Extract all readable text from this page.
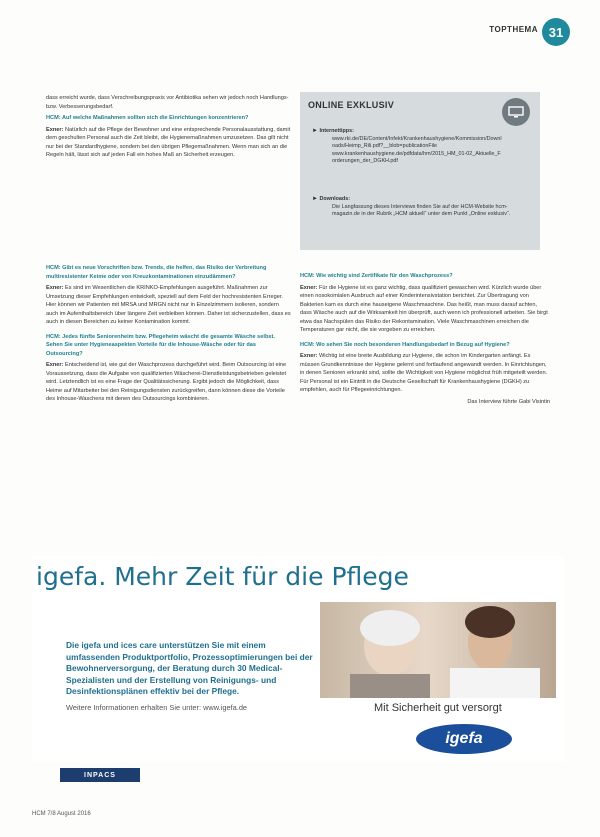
TOPTHEMA 31

dass erreicht wurde, dass Verschreibungspraxis vor Antibiotika sehen wir jedoch noch Handlungs- bzw. Verbesserungsbedarf.

HCM: Auf welche Maßnahmen sollten sich die Einrichtungen konzentrieren?

Exner: Natürlich auf die Pflege der Bewohner und eine entsprechende Personalausstattung, damit dem geschulten Personal auch die Zeit bleibt, die Hygienemaßnahmen umzusetzen. Das gilt nicht nur bei der Standardhygiene, sondern bei den übrigen Pflegemaßnahmen. Wenn man sich an die Regeln hält, lässt sich auf jeden Fall ein hohes Maß an Sicherheit erzeugen.

HCM: Gibt es neue Vorschriften bzw. Trends, die helfen, das Risiko der Verbreitung multiresistenter Keime oder von Kreuzkontaminationen einzudämmen?

Exner: Es sind im Wesentlichen die KRINKO-Empfehlungen ausgeführt. Maßnahmen zur Umsetzung dieser Empfehlungen entwickelt, speziell auf dem Feld der hochresistenten Erreger. Hier können wir Patienten mit MRSA und MRGN nicht nur in Einzelzimmern isolieren, sondern auch im Aufenthaltsbereich über längere Zeit verbleiben können. Daher ist sicherzustellen, dass es auch in diesen Bereichen zu keiner Kontamination kommt.

HCM: Jedes fünfte Seniorenheim bzw. Pflegeheim wäscht die gesamte Wäsche selbst. Sehen Sie unter Hygieneaspekten Vorteile für die Inhouse-Wäsche oder für das Outsourcing?

Exner: Entscheidend ist, wie gut der Waschprozess durchgeführt wird. Beim Outsourcing ist eine Voraussetzung, dass die Aufgabe von qualifizierten Wäscherei-Dienstleistungsbetrieben geleistet wird. Letztendlich ist es eine Frage der Qualitätssicherung. Ergibt jedoch die Möglichkeit, dass Heime auf Mitarbeiter bei den Reinigungsdiensten zurückgreifen, dann können diese die Vorteile des Inhouse-Waschens mit denen des Outsourcings kombinieren.

ONLINE EXKLUSIV
► Internettipps:
www.rki.de/DE/Content/Infekt/Krankenhaushygiene/Kommission/Downloads/Heimp_Rili.pdf?__blob=publicationFile
www.krankenhaushygiene.de/pdfdata/hm/2015_HM_01-02_Aktuelle_Forderungen_der_DGKH.pdf
► Downloads:
Die Langfassung dieses Interviews finden Sie auf der HCM-Website hcm-magazin.de in der Rubrik „HCM aktuell“ unter dem Punkt „Online exklusiv“.

HCM: Wie wichtig sind Zertifikate für den Waschprozess?

Exner: Für die Hygiene ist es ganz wichtig, dass qualifiziert gewaschen wird. Kürzlich wurde über einen nosokomialen Ausbruch auf einer Kinderintensivstation berichtet. Zur Übertragung von Bakterien kam es durch eine hauseigene Waschmaschine. Das heißt, man muss darauf achten, dass Wäsche auch auf die Wirksamkeit hin überprüft, auch wenn ich professionell arbeiten. Sie birgt etwa das Nachspülen das Risiko der Rekontamination. Viele Waschmaschinen erreichen die Temperaturen gar nicht, die sie vorgeben zu erreichen.

HCM: Wo sehen Sie noch besonderen Handlungsbedarf in Bezug auf Hygiene?

Exner: Wichtig ist eine breite Ausbildung zur Hygiene, die schon im Kindergarten anfängt. Es müssen Grundkenntnisse der Hygiene gelernt und fortlaufend angewandt werden. In Einrichtungen, in denen Senioren erkrankt sind, sollte die Wichtigkeit von Hygiene möglichst früh mitgeteilt werden. Für Personal ist ein Eintritt in die Deutsche Gesellschaft für Krankenhaushygiene (DGKH) zu empfehlen, auch für Pflegeeinrichtungen.

Das Interview führte Gabi Visintin

igefa. Mehr Zeit für die Pflege
Die igefa und ices care unterstützen Sie mit einem umfassenden Produktportfolio, Prozessoptimierungen bei der Bewohnerversorgung, der Beratung durch 30 Medical-Spezialisten und der Erstellung von Reinigungs- und Desinfektionsplänen effektiv bei der Pflege.
Weitere Informationen erhalten Sie unter: www.igefa.de	Mit Sicherheit gut versorgt
igefa
INPACS
HCM 7/8 August 2016
